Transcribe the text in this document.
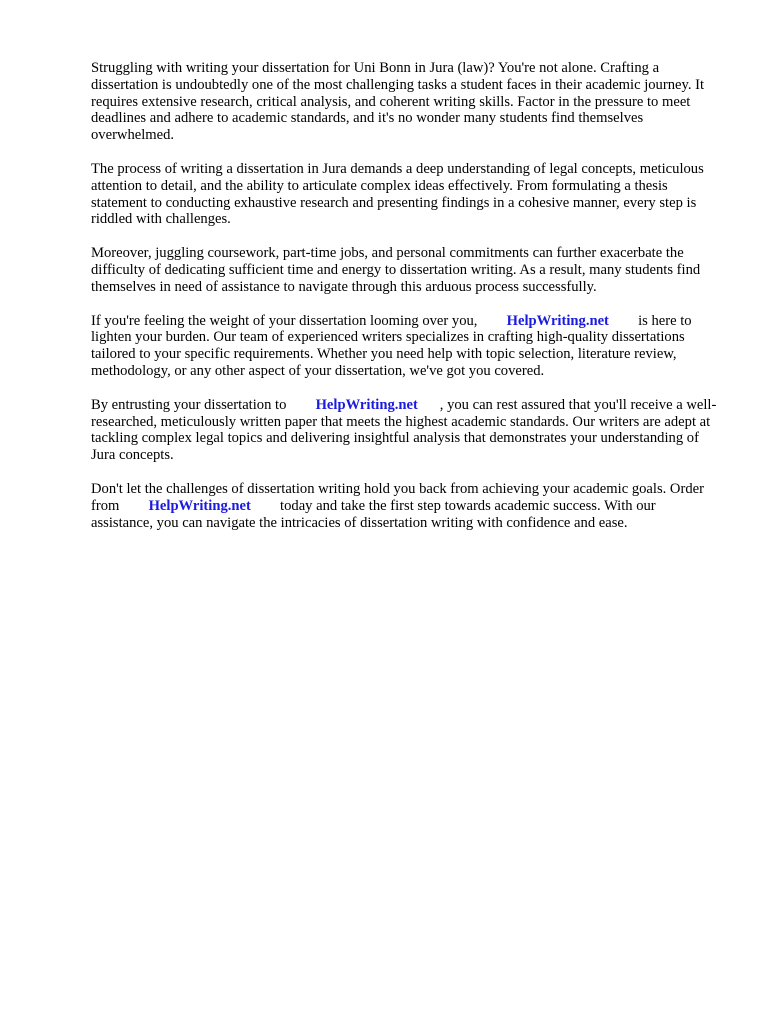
Struggling with writing your dissertation for Uni Bonn in Jura (law)? You're not alone. Crafting a dissertation is undoubtedly one of the most challenging tasks a student faces in their academic journey. It requires extensive research, critical analysis, and coherent writing skills. Factor in the pressure to meet deadlines and adhere to academic standards, and it's no wonder many students find themselves overwhelmed.

The process of writing a dissertation in Jura demands a deep understanding of legal concepts, meticulous attention to detail, and the ability to articulate complex ideas effectively. From formulating a thesis statement to conducting exhaustive research and presenting findings in a cohesive manner, every step is riddled with challenges.

Moreover, juggling coursework, part-time jobs, and personal commitments can further exacerbate the difficulty of dedicating sufficient time and energy to dissertation writing. As a result, many students find themselves in need of assistance to navigate through this arduous process successfully.

If you're feeling the weight of your dissertation looming over you, HelpWriting.net is here to lighten your burden. Our team of experienced writers specializes in crafting high-quality dissertations tailored to your specific requirements. Whether you need help with topic selection, literature review, methodology, or any other aspect of your dissertation, we've got you covered.

By entrusting your dissertation to HelpWriting.net , you can rest assured that you'll receive a well-researched, meticulously written paper that meets the highest academic standards. Our writers are adept at tackling complex legal topics and delivering insightful analysis that demonstrates your understanding of Jura concepts.

Don't let the challenges of dissertation writing hold you back from achieving your academic goals. Order from HelpWriting.net today and take the first step towards academic success. With our assistance, you can navigate the intricacies of dissertation writing with confidence and ease.
